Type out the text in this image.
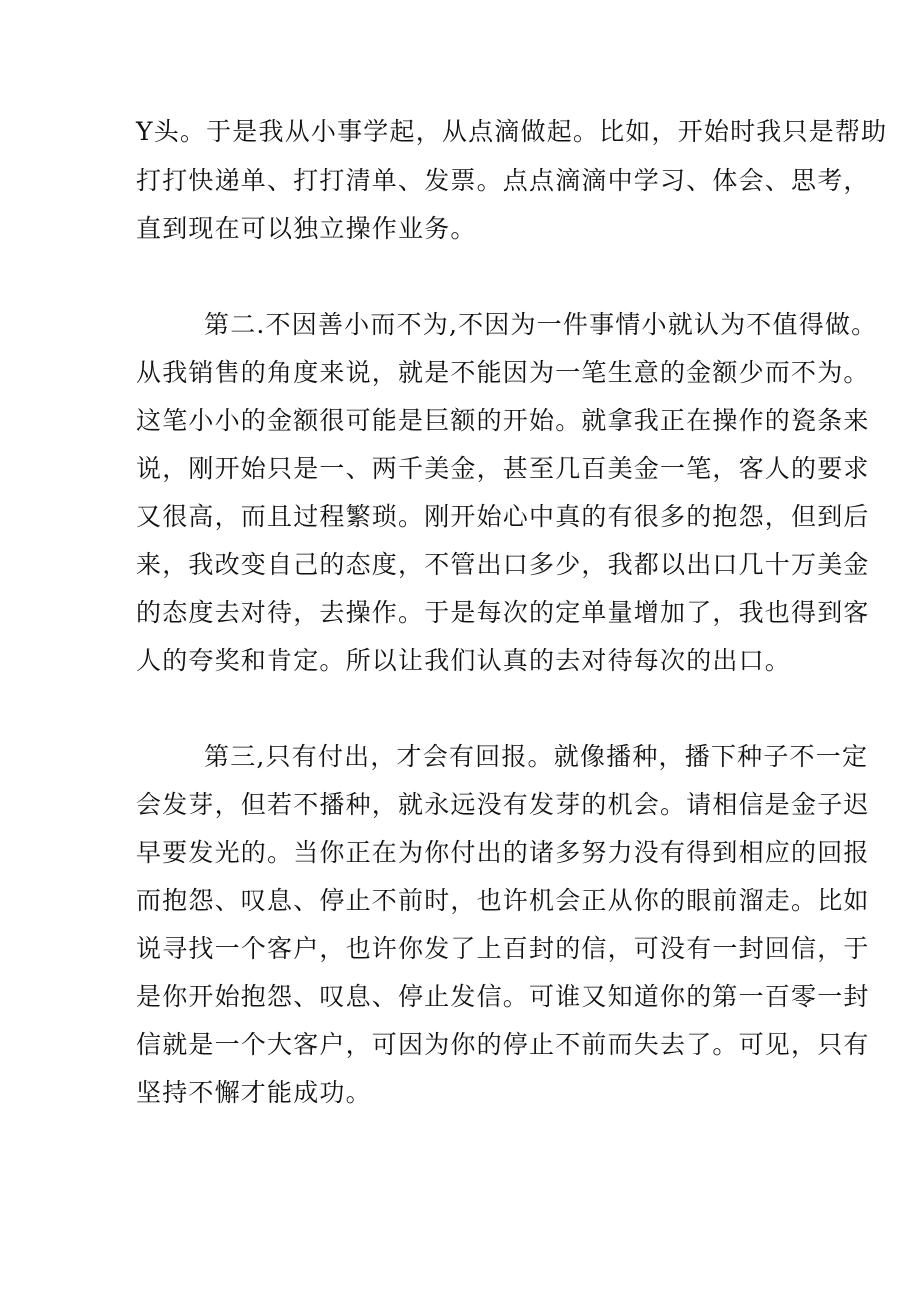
Y头。于是我从小事学起，从点滴做起。比如，开始时我只是帮助
打打快递单、打打清单、发票。点点滴滴中学习、体会、思考，
直到现在可以独立操作业务。
第二.不因善小而不为,不因为一件事情小就认为不值得做。
从我销售的角度来说，就是不能因为一笔生意的金额少而不为。
这笔小小的金额很可能是巨额的开始。就拿我正在操作的瓷条来
说，刚开始只是一、两千美金，甚至几百美金一笔，客人的要求
又很高，而且过程繁琐。刚开始心中真的有很多的抱怨，但到后
来，我改变自己的态度，不管出口多少，我都以出口几十万美金
的态度去对待，去操作。于是每次的定单量增加了，我也得到客
人的夸奖和肯定。所以让我们认真的去对待每次的出口。
第三,只有付出，才会有回报。就像播种，播下种子不一定
会发芽，但若不播种，就永远没有发芽的机会。请相信是金子迟
早要发光的。当你正在为你付出的诸多努力没有得到相应的回报
而抱怨、叹息、停止不前时，也许机会正从你的眼前溜走。比如
说寻找一个客户，也许你发了上百封的信，可没有一封回信，于
是你开始抱怨、叹息、停止发信。可谁又知道你的第一百零一封
信就是一个大客户，可因为你的停止不前而失去了。可见，只有
坚持不懈才能成功。
